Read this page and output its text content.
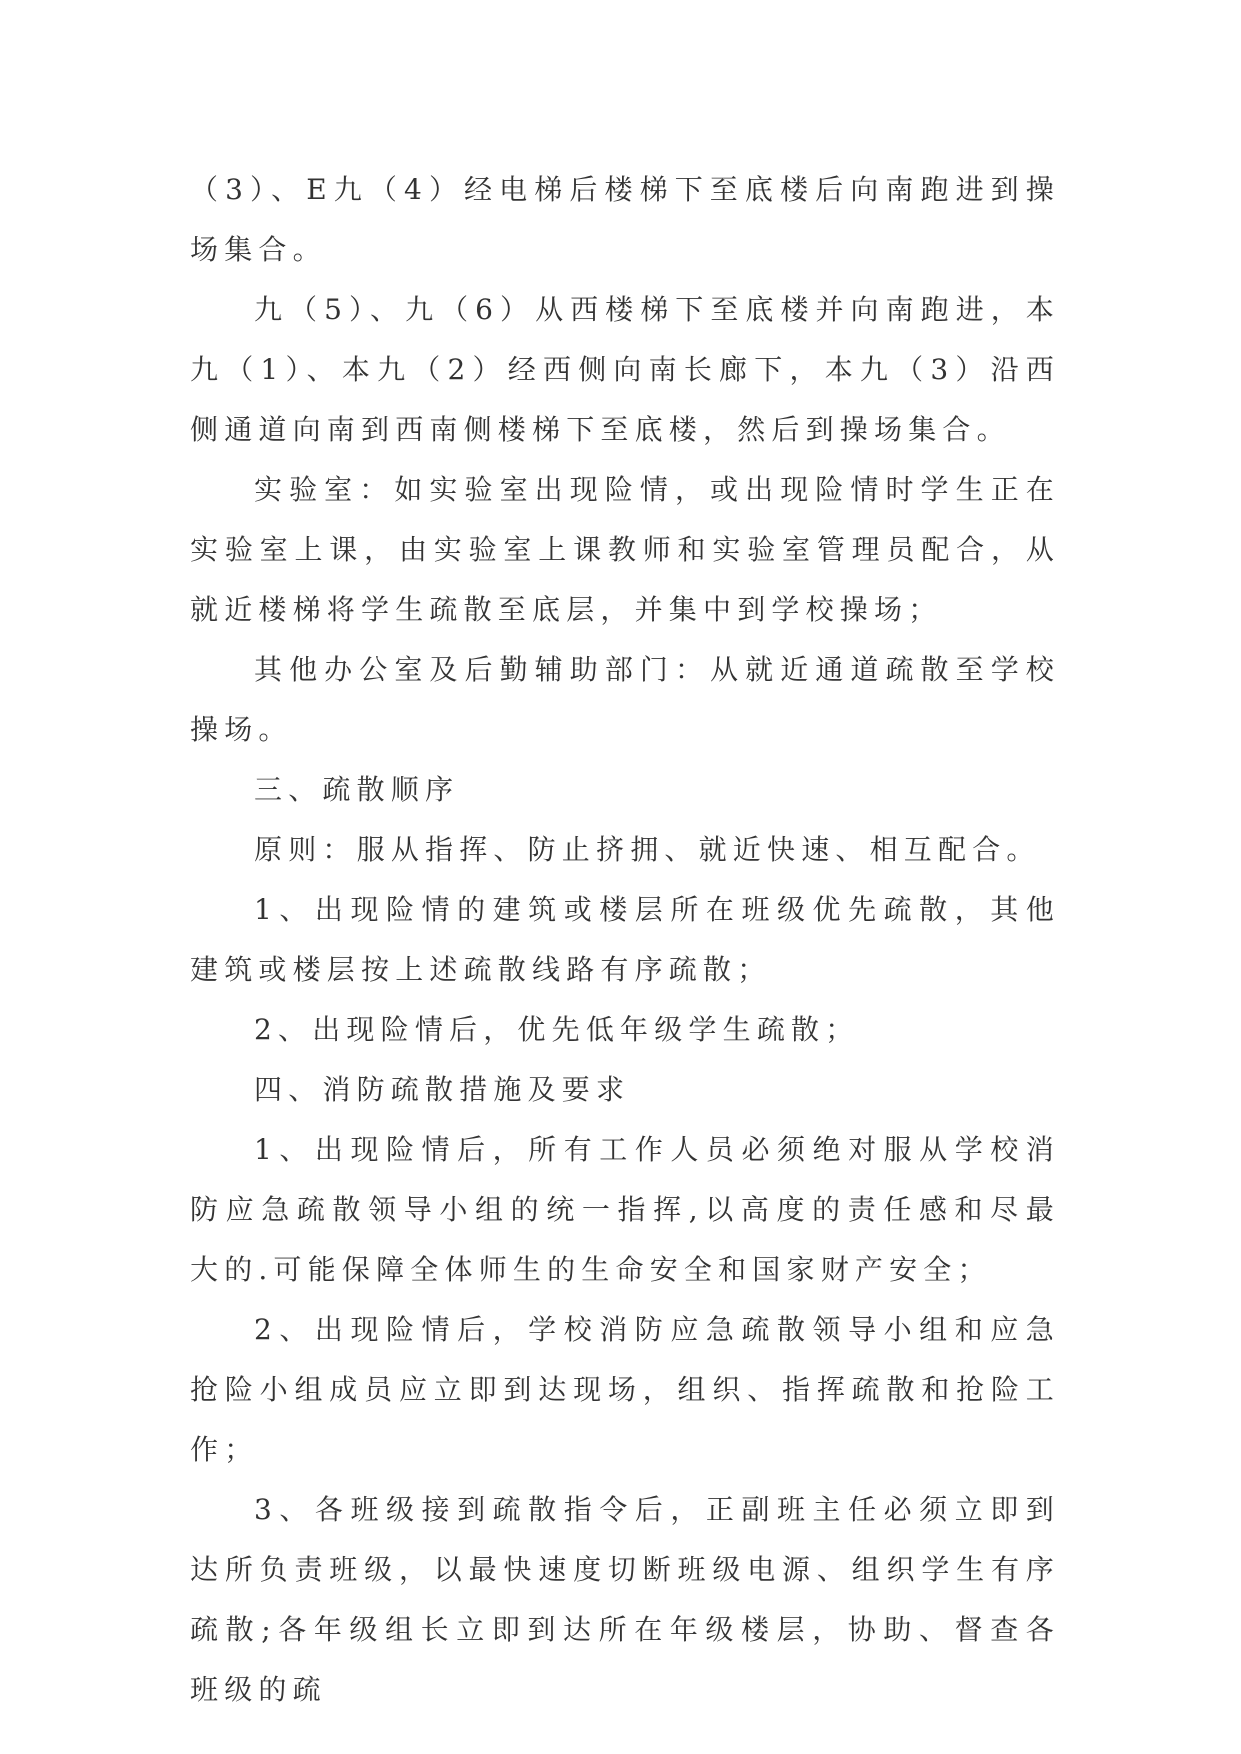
（3）、E九（4）经电梯后楼梯下至底楼后向南跑进到操场集合。

九（5）、九（6）从西楼梯下至底楼并向南跑进，本九（1）、本九（2）经西侧向南长廊下，本九（3）沿西侧通道向南到西南侧楼梯下至底楼，然后到操场集合。

实验室：如实验室出现险情，或出现险情时学生正在实验室上课，由实验室上课教师和实验室管理员配合，从就近楼梯将学生疏散至底层，并集中到学校操场；

其他办公室及后勤辅助部门：从就近通道疏散至学校操场。

三、疏散顺序

原则：服从指挥、防止挤拥、就近快速、相互配合。

1、出现险情的建筑或楼层所在班级优先疏散，其他建筑或楼层按上述疏散线路有序疏散；

2、出现险情后，优先低年级学生疏散；

四、消防疏散措施及要求

1、出现险情后，所有工作人员必须绝对服从学校消防应急疏散领导小组的统一指挥,以高度的责任感和尽最大的.可能保障全体师生的生命安全和国家财产安全；

2、出现险情后，学校消防应急疏散领导小组和应急抢险小组成员应立即到达现场，组织、指挥疏散和抢险工作；

3、各班级接到疏散指令后，正副班主任必须立即到达所负责班级，以最快速度切断班级电源、组织学生有序疏散;各年级组长立即到达所在年级楼层，协助、督查各班级的疏
